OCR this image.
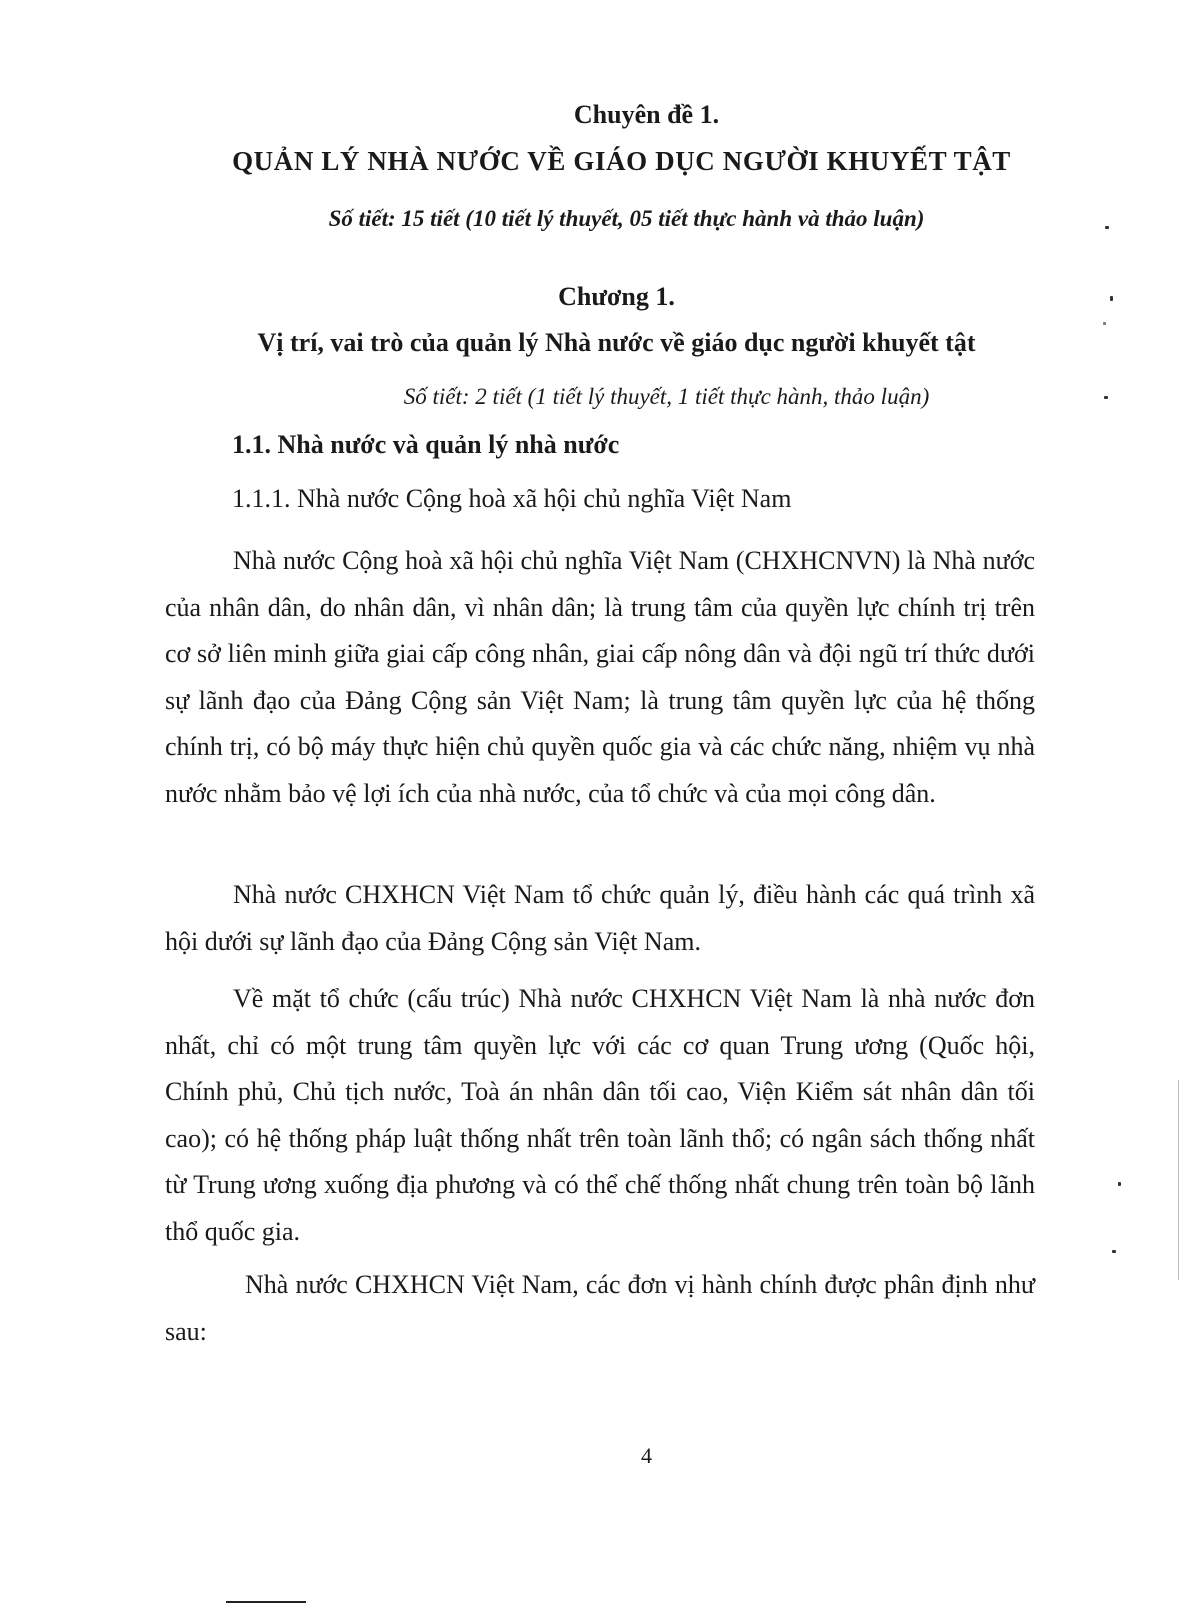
Chuyên đề 1.
QUẢN LÝ NHÀ NƯỚC VỀ GIÁO DỤC NGƯỜI KHUYẾT TẬT
Số tiết: 15 tiết (10 tiết lý thuyết, 05 tiết thực hành và thảo luận)
Chương 1.
Vị trí, vai trò của quản lý Nhà nước về giáo dục người khuyết tật
Số tiết: 2 tiết (1 tiết lý thuyết, 1 tiết thực hành, thảo luận)
1.1. Nhà nước và quản lý nhà nước
1.1.1. Nhà nước Cộng hoà xã hội chủ nghĩa Việt Nam

Nhà nước Cộng hoà xã hội chủ nghĩa Việt Nam (CHXHCNVN) là Nhà nước của nhân dân, do nhân dân, vì nhân dân; là trung tâm của quyền lực chính trị trên cơ sở liên minh giữa giai cấp công nhân, giai cấp nông dân và đội ngũ trí thức dưới sự lãnh đạo của Đảng Cộng sản Việt Nam; là trung tâm quyền lực của hệ thống chính trị, có bộ máy thực hiện chủ quyền quốc gia và các chức năng, nhiệm vụ nhà nước nhằm bảo vệ lợi ích của nhà nước, của tổ chức và của mọi công dân.

Nhà nước CHXHCN Việt Nam tổ chức quản lý, điều hành các quá trình xã hội dưới sự lãnh đạo của Đảng Cộng sản Việt Nam.

Về mặt tổ chức (cấu trúc) Nhà nước CHXHCN Việt Nam là nhà nước đơn nhất, chỉ có một trung tâm quyền lực với các cơ quan Trung ương (Quốc hội, Chính phủ, Chủ tịch nước, Toà án nhân dân tối cao, Viện Kiểm sát nhân dân tối cao); có hệ thống pháp luật thống nhất trên toàn lãnh thổ; có ngân sách thống nhất từ Trung ương xuống địa phương và có thể chế thống nhất chung trên toàn bộ lãnh thổ quốc gia.

Nhà nước CHXHCN Việt Nam, các đơn vị hành chính được phân định như sau:

4
